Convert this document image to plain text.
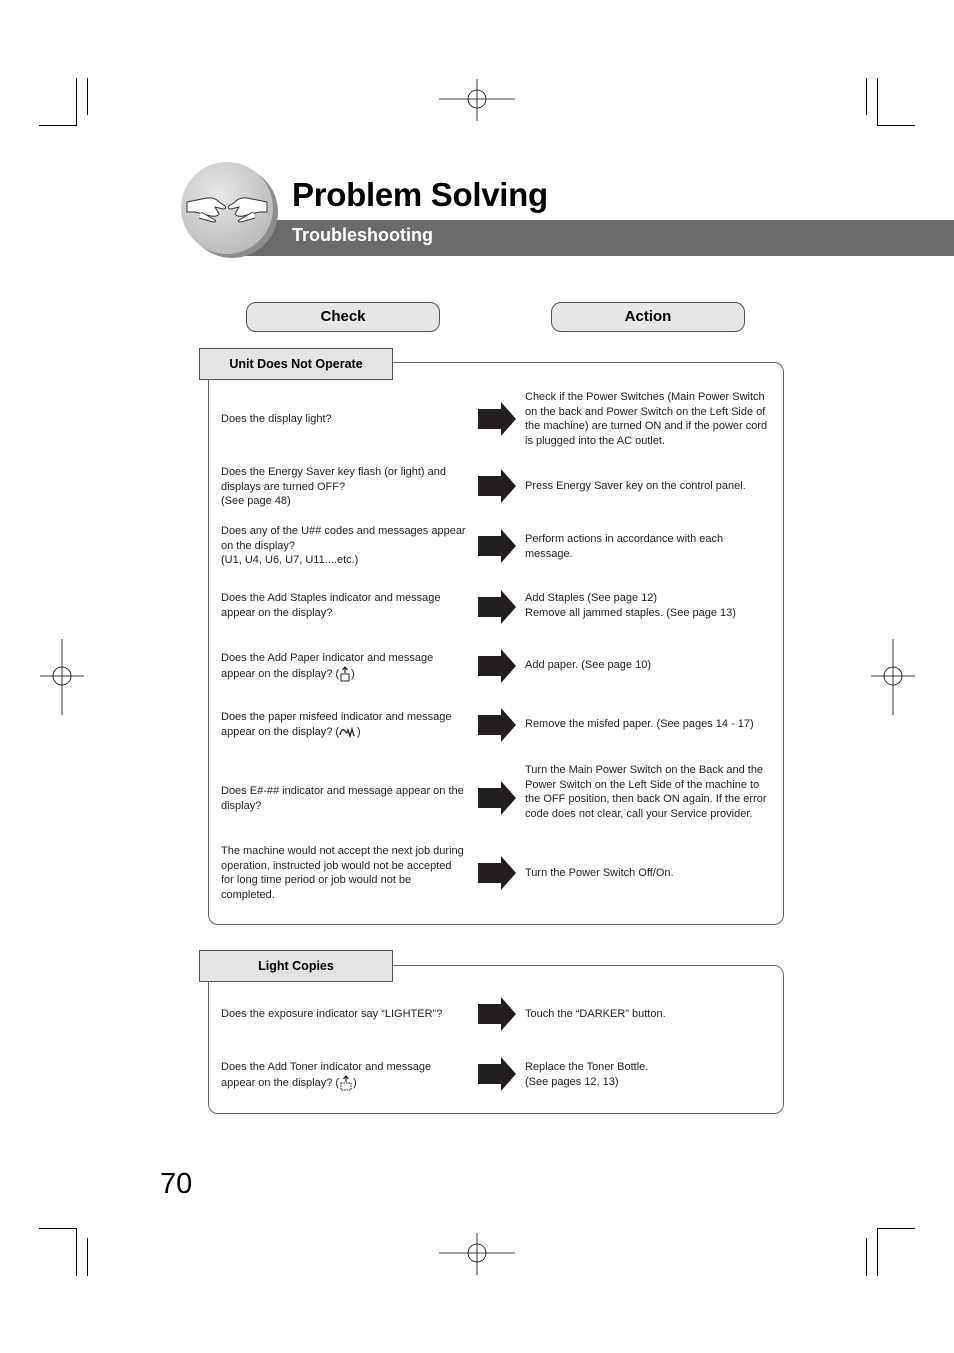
Problem Solving
Troubleshooting
Check	Action
Unit Does Not Operate
Does the display light?
Check if the Power Switches (Main Power Switch on the back and Power Switch on the Left Side of the machine) are turned ON and if the power cord is plugged into the AC outlet.
Does the Energy Saver key flash (or light) and displays are turned OFF?
(See page 48)
Press Energy Saver key on the control panel.
Does any of the U## codes and messages appear on the display?
(U1, U4, U6, U7, U11....etc.)
Perform actions in accordance with each message.
Does the Add Staples indicator and message appear on the display?
Add Staples (See page 12)
Remove all jammed staples. (See page 13)
Does the Add Paper indicator and message appear on the display? ( )
Add paper. (See page 10)
Does the paper misfeed indicator and message appear on the display? ( )
Remove the misfed paper. (See pages 14 - 17)
Does E#-## indicator and message appear on the display?
Turn the Main Power Switch on the Back and the Power Switch on the Left Side of the machine to the OFF position, then back ON again. If the error code does not clear, call your Service provider.
The machine would not accept the next job during operation, instructed job would not be accepted for long time period or job would not be completed.
Turn the Power Switch Off/On.
Light Copies
Does the exposure indicator say “LIGHTER”?	Touch the “DARKER” button.
Does the Add Toner indicator and message appear on the display? ( )
Replace the Toner Bottle.
(See pages 12, 13)
70
